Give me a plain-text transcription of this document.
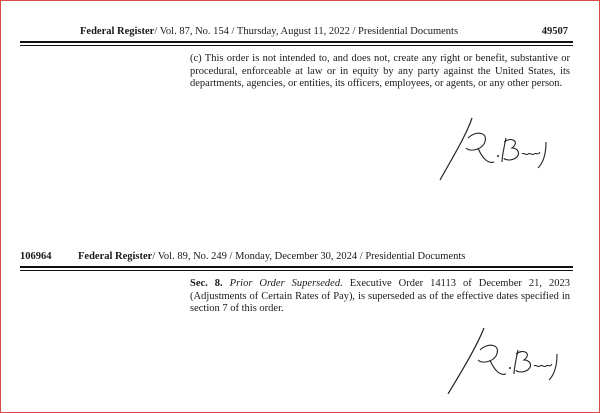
Federal Register/ Vol. 87, No. 154 / Thursday, August 11, 2022 / Presidential Documents	49507
(c) This order is not intended to, and does not, create any right or benefit, substantive or procedural, enforceable at law or in equity by any party against the United States, its departments, agencies, or entities, its officers, employees, or agents, or any other person.
106964	Federal Register/ Vol. 89, No. 249 / Monday, December 30, 2024 / Presidential Documents
Sec. 8. Prior Order Superseded. Executive Order 14113 of December 21, 2023 (Adjustments of Certain Rates of Pay), is superseded as of the effective dates specified in section 7 of this order.
